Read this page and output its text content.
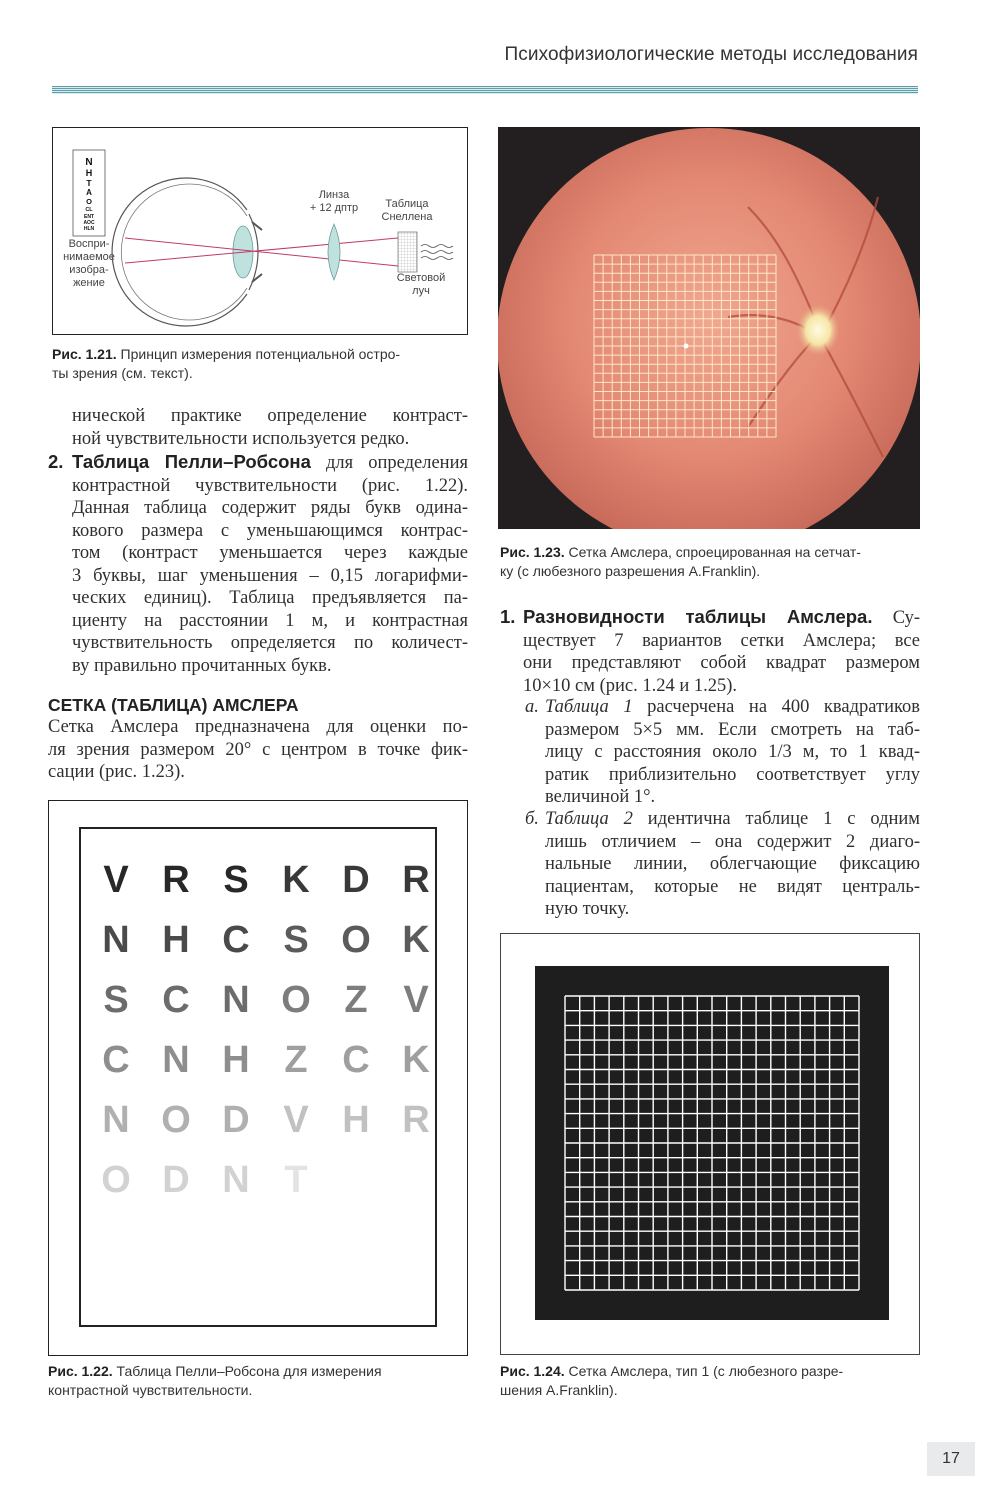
Психофизиологические методы исследования
N
H
T
A
O
CL
ENT
AOC
HLN
Воспри-
нимаемое
изобра-
жение
Линза
+ 12 дптр Таблица
Снеллена
Световой
луч
Рис. 1.21. Принцип измерения потенциальной остро-
ты зрения (см. текст).
нической практике определение контраст-
ной чувствительности используется редко.
2. Таблица Пелли–Робсона для определения
контрастной чувствительности (рис. 1.22).
Данная таблица содержит ряды букв одина-
кового размера с уменьшающимся контрас-
том (контраст уменьшается через каждые
3 буквы, шаг уменьшения – 0,15 логарифми-
ческих единиц). Таблица предъявляется па-
циенту на расстоянии 1 м, и контрастная
чувствительность определяется по количест-
ву правильно прочитанных букв.
СЕТКА (ТАБЛИЦА) АМСЛЕРА
Сетка Амслера предназначена для оценки по-
ля зрения размером 20° с центром в точке фик-
сации (рис. 1.23).
V R S K D R
N H C S O K
S C N O Z V
C N H Z C K
N O D V H R
O D N T
Рис. 1.22. Таблица Пелли–Робсона для измерения
контрастной чувствительности.
Рис. 1.23. Сетка Амслера, спроецированная на сетчат-
ку (с любезного разрешения A.Franklin).
1. Разновидности таблицы Амслера. Су-
ществует 7 вариантов сетки Амслера; все
они представляют собой квадрат размером
10×10 см (рис. 1.24 и 1.25).
а. Таблица 1 расчерчена на 400 квадратиков
размером 5×5 мм. Если смотреть на таб-
лицу с расстояния около 1/3 м, то 1 квад-
ратик приблизительно соответствует углу
величиной 1°.
б. Таблица 2 идентична таблице 1 с одним
лишь отличием – она содержит 2 диаго-
нальные линии, облегчающие фиксацию
пациентам, которые не видят централь-
ную точку.
Рис. 1.24. Сетка Амслера, тип 1 (с любезного разре-
шения A.Franklin).
17
